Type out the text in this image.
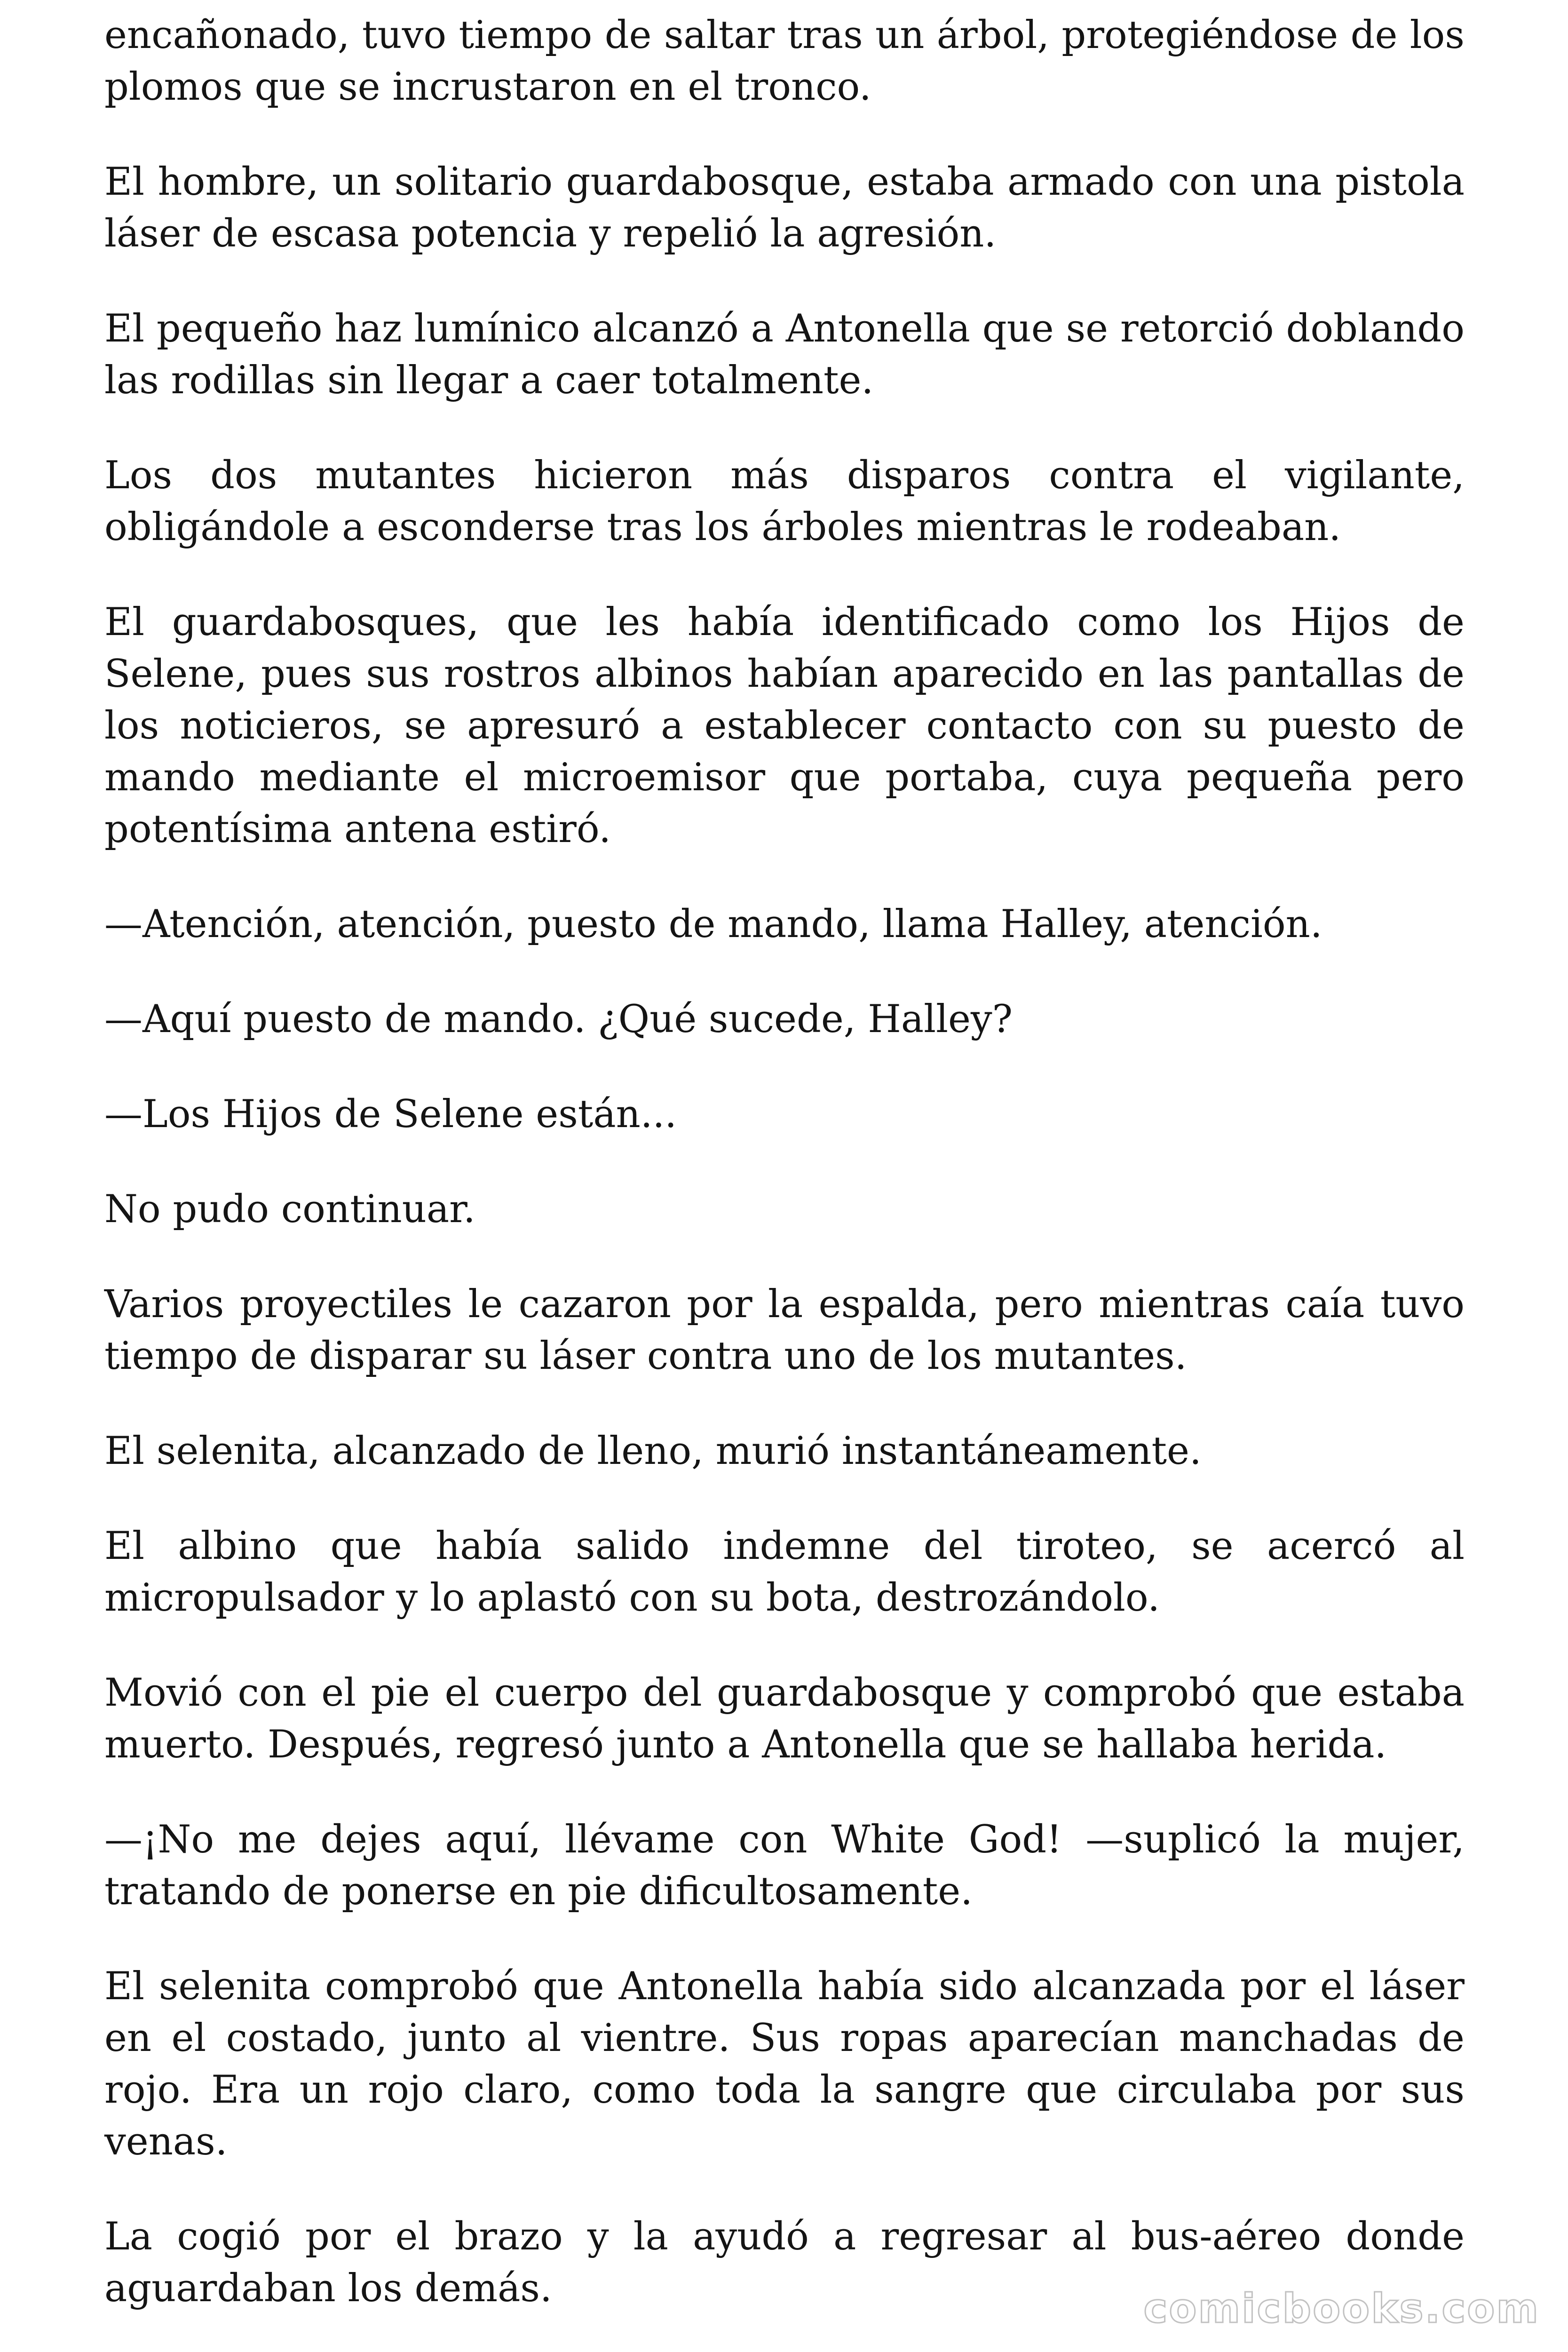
encañonado, tuvo tiempo de saltar tras un árbol, protegiéndose de los plomos que se incrustaron en el tronco.

El hombre, un solitario guardabosque, estaba armado con una pistola láser de escasa potencia y repelió la agresión.

El pequeño haz lumínico alcanzó a Antonella que se retorció doblando las rodillas sin llegar a caer totalmente.

Los dos mutantes hicieron más disparos contra el vigilante, obligándole a esconderse tras los árboles mientras le rodeaban.

El guardabosques, que les había identificado como los Hijos de Selene, pues sus rostros albinos habían aparecido en las pantallas de los noticieros, se apresuró a establecer contacto con su puesto de mando mediante el microemisor que portaba, cuya pequeña pero potentísima antena estiró.

—Atención, atención, puesto de mando, llama Halley, atención.

—Aquí puesto de mando. ¿Qué sucede, Halley?

—Los Hijos de Selene están...

No pudo continuar.

Varios proyectiles le cazaron por la espalda, pero mientras caía tuvo tiempo de disparar su láser contra uno de los mutantes.

El selenita, alcanzado de lleno, murió instantáneamente.

El albino que había salido indemne del tiroteo, se acercó al micropulsador y lo aplastó con su bota, destrozándolo.

Movió con el pie el cuerpo del guardabosque y comprobó que estaba muerto. Después, regresó junto a Antonella que se hallaba herida.

—¡No me dejes aquí, llévame con White God! —suplicó la mujer, tratando de ponerse en pie dificultosamente.

El selenita comprobó que Antonella había sido alcanzada por el láser en el costado, junto al vientre. Sus ropas aparecían manchadas de rojo. Era un rojo claro, como toda la sangre que circulaba por sus venas.

La cogió por el brazo y la ayudó a regresar al bus-aéreo donde aguardaban los demás.	comicbooks.com
